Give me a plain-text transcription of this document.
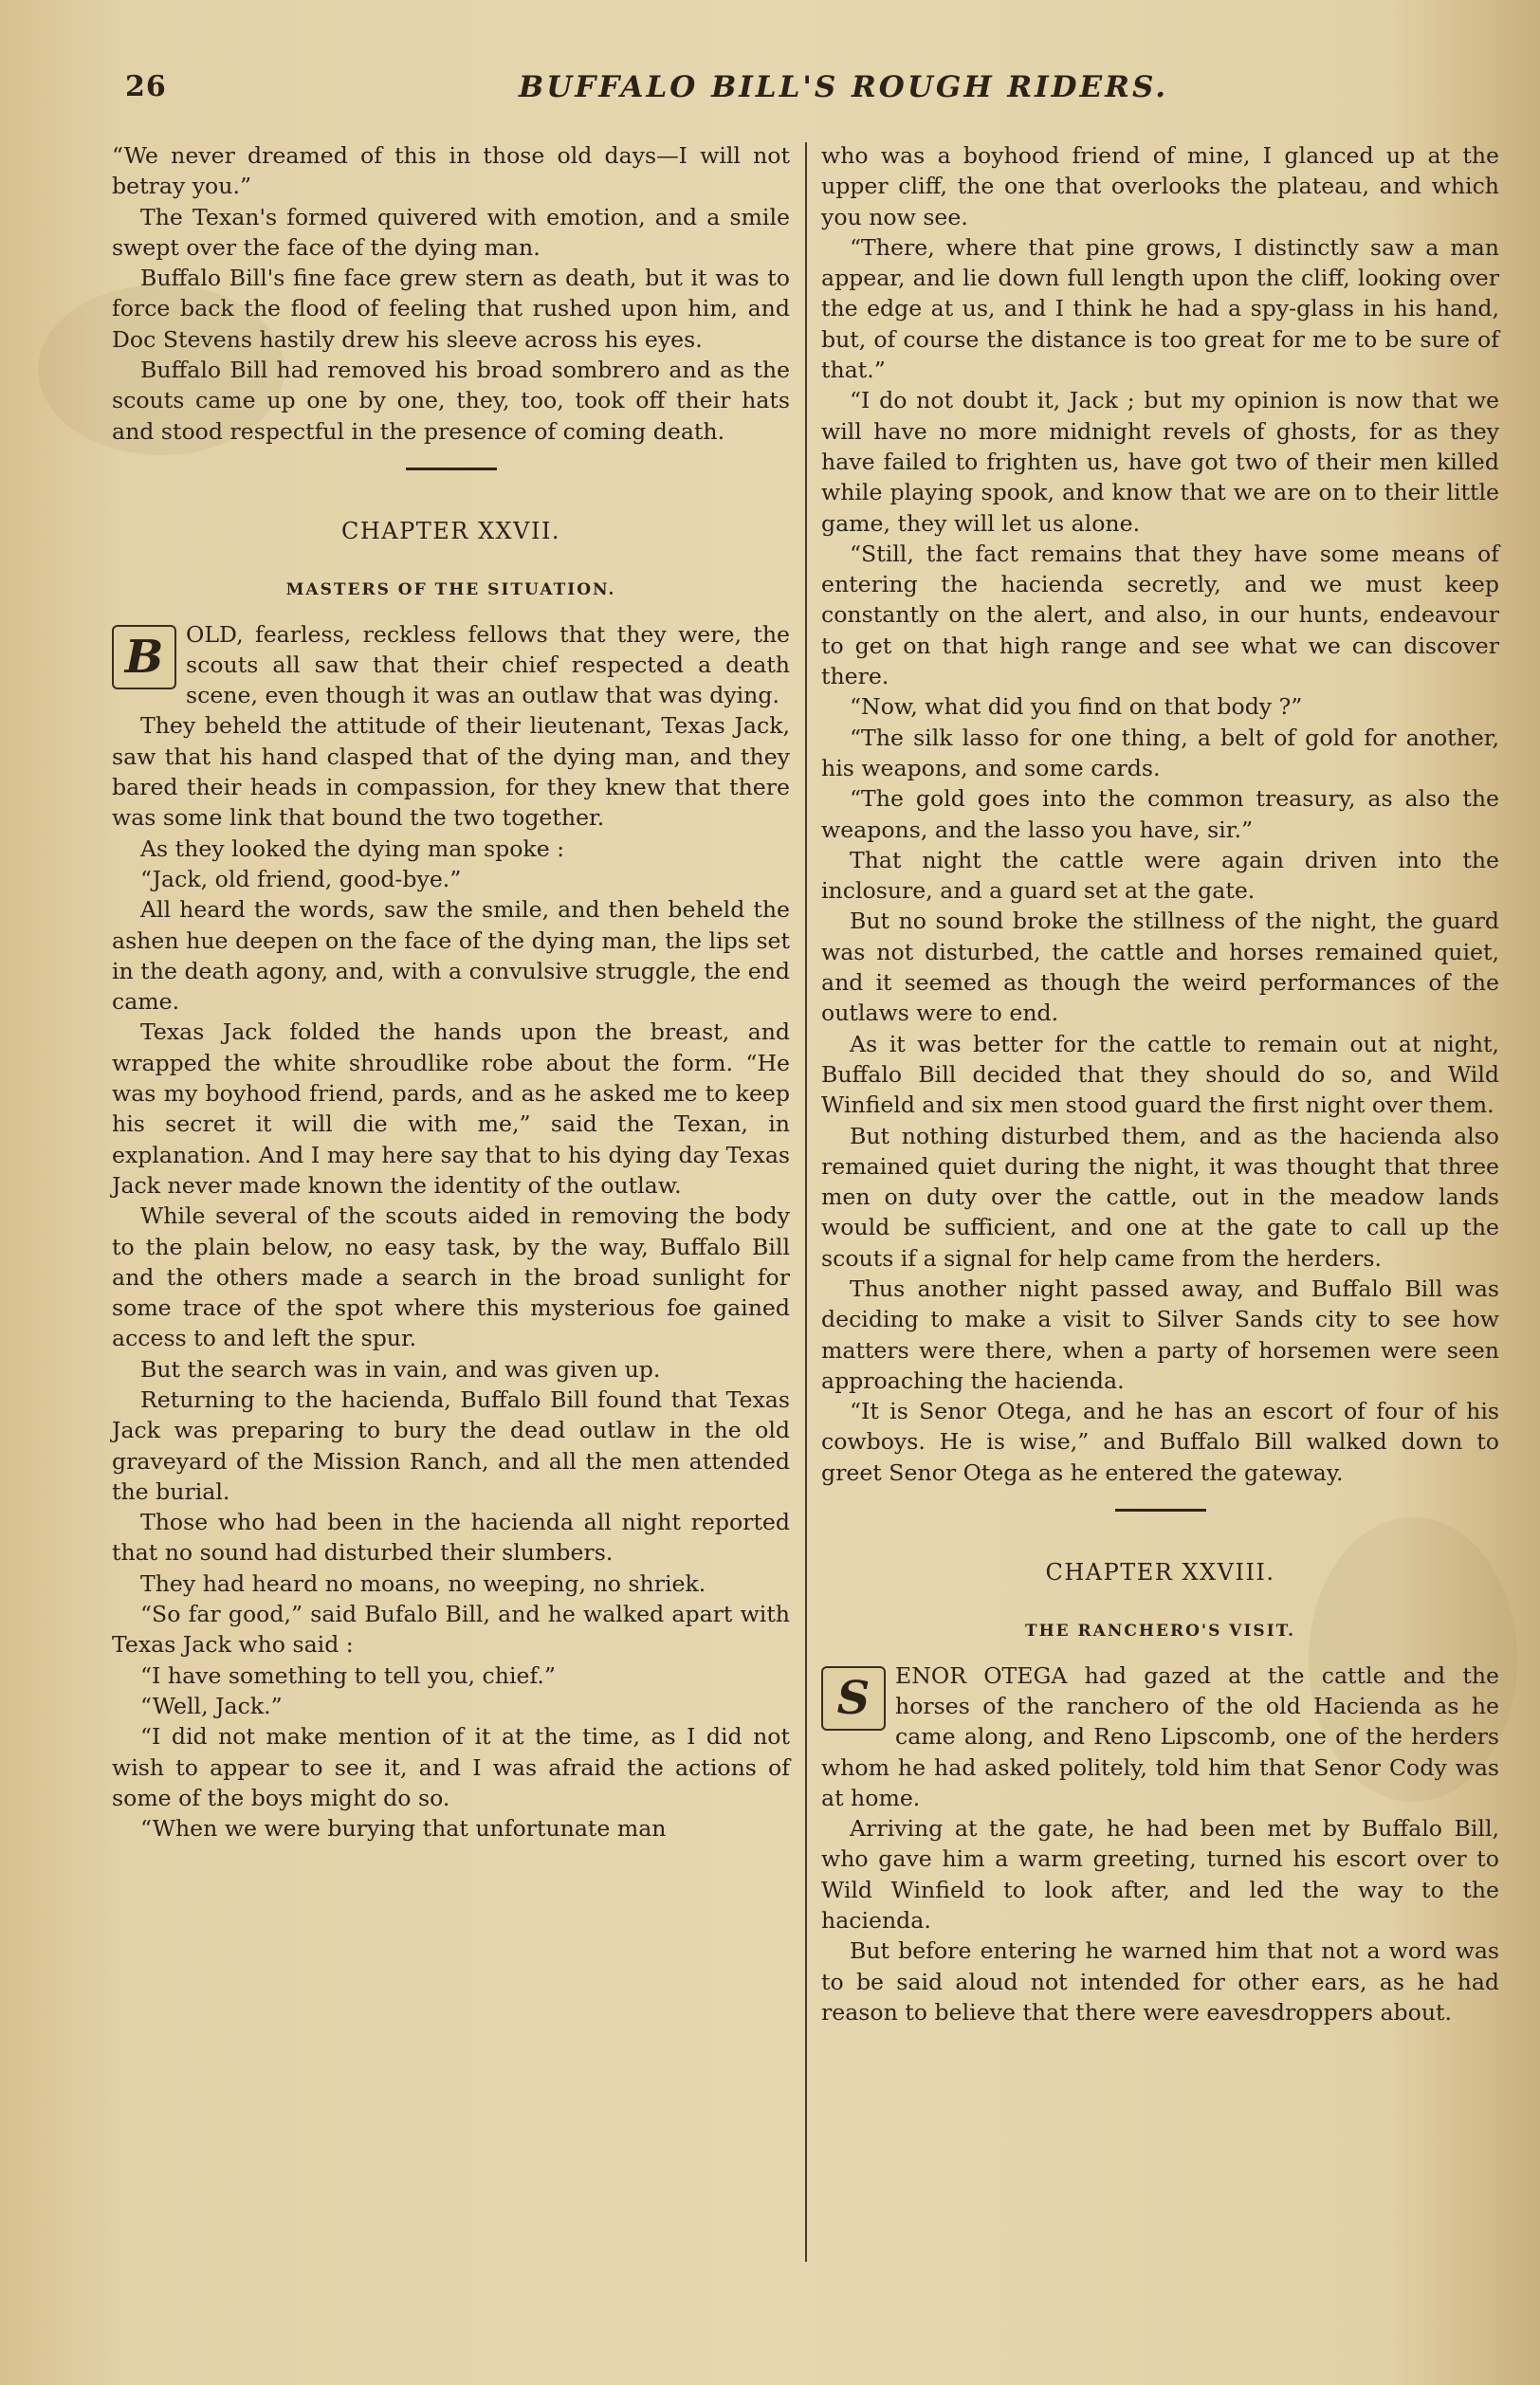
26	BUFFALO BILL'S ROUGH RIDERS.

“We never dreamed of this in those old days—I will not betray you.”

The Texan's formed quivered with emotion, and a smile swept over the face of the dying man.

Buffalo Bill's fine face grew stern as death, but it was to force back the flood of feeling that rushed upon him, and Doc Stevens hastily drew his sleeve across his eyes.

Buffalo Bill had removed his broad sombrero and as the scouts came up one by one, they, too, took off their hats and stood respectful in the presence of coming death.

CHAPTER XXVII.
MASTERS OF THE SITUATION.

B	OLD, fearless, reckless fellows that they were, the scouts all saw that their chief respected a death scene, even though it was an outlaw that was dying.

They beheld the attitude of their lieutenant, Texas Jack, saw that his hand clasped that of the dying man, and they bared their heads in compassion, for they knew that there was some link that bound the two together.

As they looked the dying man spoke :

“Jack, old friend, good-bye.”

All heard the words, saw the smile, and then beheld the ashen hue deepen on the face of the dying man, the lips set in the death agony, and, with a convulsive struggle, the end came.

Texas Jack folded the hands upon the breast, and wrapped the white shroudlike robe about the form. “He was my boyhood friend, pards, and as he asked me to keep his secret it will die with me,” said the Texan, in explanation. And I may here say that to his dying day Texas Jack never made known the identity of the outlaw.

While several of the scouts aided in removing the body to the plain below, no easy task, by the way, Buffalo Bill and the others made a search in the broad sunlight for some trace of the spot where this mysterious foe gained access to and left the spur.

But the search was in vain, and was given up.

Returning to the hacienda, Buffalo Bill found that Texas Jack was preparing to bury the dead outlaw in the old graveyard of the Mission Ranch, and all the men attended the burial.

Those who had been in the hacienda all night reported that no sound had disturbed their slumbers.

They had heard no moans, no weeping, no shriek.

“So far good,” said Bufalo Bill, and he walked apart with Texas Jack who said :

“I have something to tell you, chief.”

“Well, Jack.”

“I did not make mention of it at the time, as I did not wish to appear to see it, and I was afraid the actions of some of the boys might do so.

“When we were burying that unfortunate man

who was a boyhood friend of mine, I glanced up at the upper cliff, the one that overlooks the plateau, and which you now see.

“There, where that pine grows, I distinctly saw a man appear, and lie down full length upon the cliff, looking over the edge at us, and I think he had a spy-glass in his hand, but, of course the distance is too great for me to be sure of that.”

“I do not doubt it, Jack ; but my opinion is now that we will have no more midnight revels of ghosts, for as they have failed to frighten us, have got two of their men killed while playing spook, and know that we are on to their little game, they will let us alone.

“Still, the fact remains that they have some means of entering the hacienda secretly, and we must keep constantly on the alert, and also, in our hunts, endeavour to get on that high range and see what we can discover there.

“Now, what did you find on that body ?”

“The silk lasso for one thing, a belt of gold for another, his weapons, and some cards.

“The gold goes into the common treasury, as also the weapons, and the lasso you have, sir.”

That night the cattle were again driven into the inclosure, and a guard set at the gate.

But no sound broke the stillness of the night, the guard was not disturbed, the cattle and horses remained quiet, and it seemed as though the weird performances of the outlaws were to end.

As it was better for the cattle to remain out at night, Buffalo Bill decided that they should do so, and Wild Winfield and six men stood guard the first night over them.

But nothing disturbed them, and as the hacienda also remained quiet during the night, it was thought that three men on duty over the cattle, out in the meadow lands would be sufficient, and one at the gate to call up the scouts if a signal for help came from the herders.

Thus another night passed away, and Buffalo Bill was deciding to make a visit to Silver Sands city to see how matters were there, when a party of horsemen were seen approaching the hacienda.

“It is Senor Otega, and he has an escort of four of his cowboys. He is wise,” and Buffalo Bill walked down to greet Senor Otega as he entered the gateway.

CHAPTER XXVIII.
THE RANCHERO'S VISIT.

S	ENOR OTEGA had gazed at the cattle and the horses of the ranchero of the old Hacienda as he came along, and Reno Lipscomb, one of the herders whom he had asked politely, told him that Senor Cody was at home.

Arriving at the gate, he had been met by Buffalo Bill, who gave him a warm greeting, turned his escort over to Wild Winfield to look after, and led the way to the hacienda.

But before entering he warned him that not a word was to be said aloud not intended for other ears, as he had reason to believe that there were eavesdroppers about.
